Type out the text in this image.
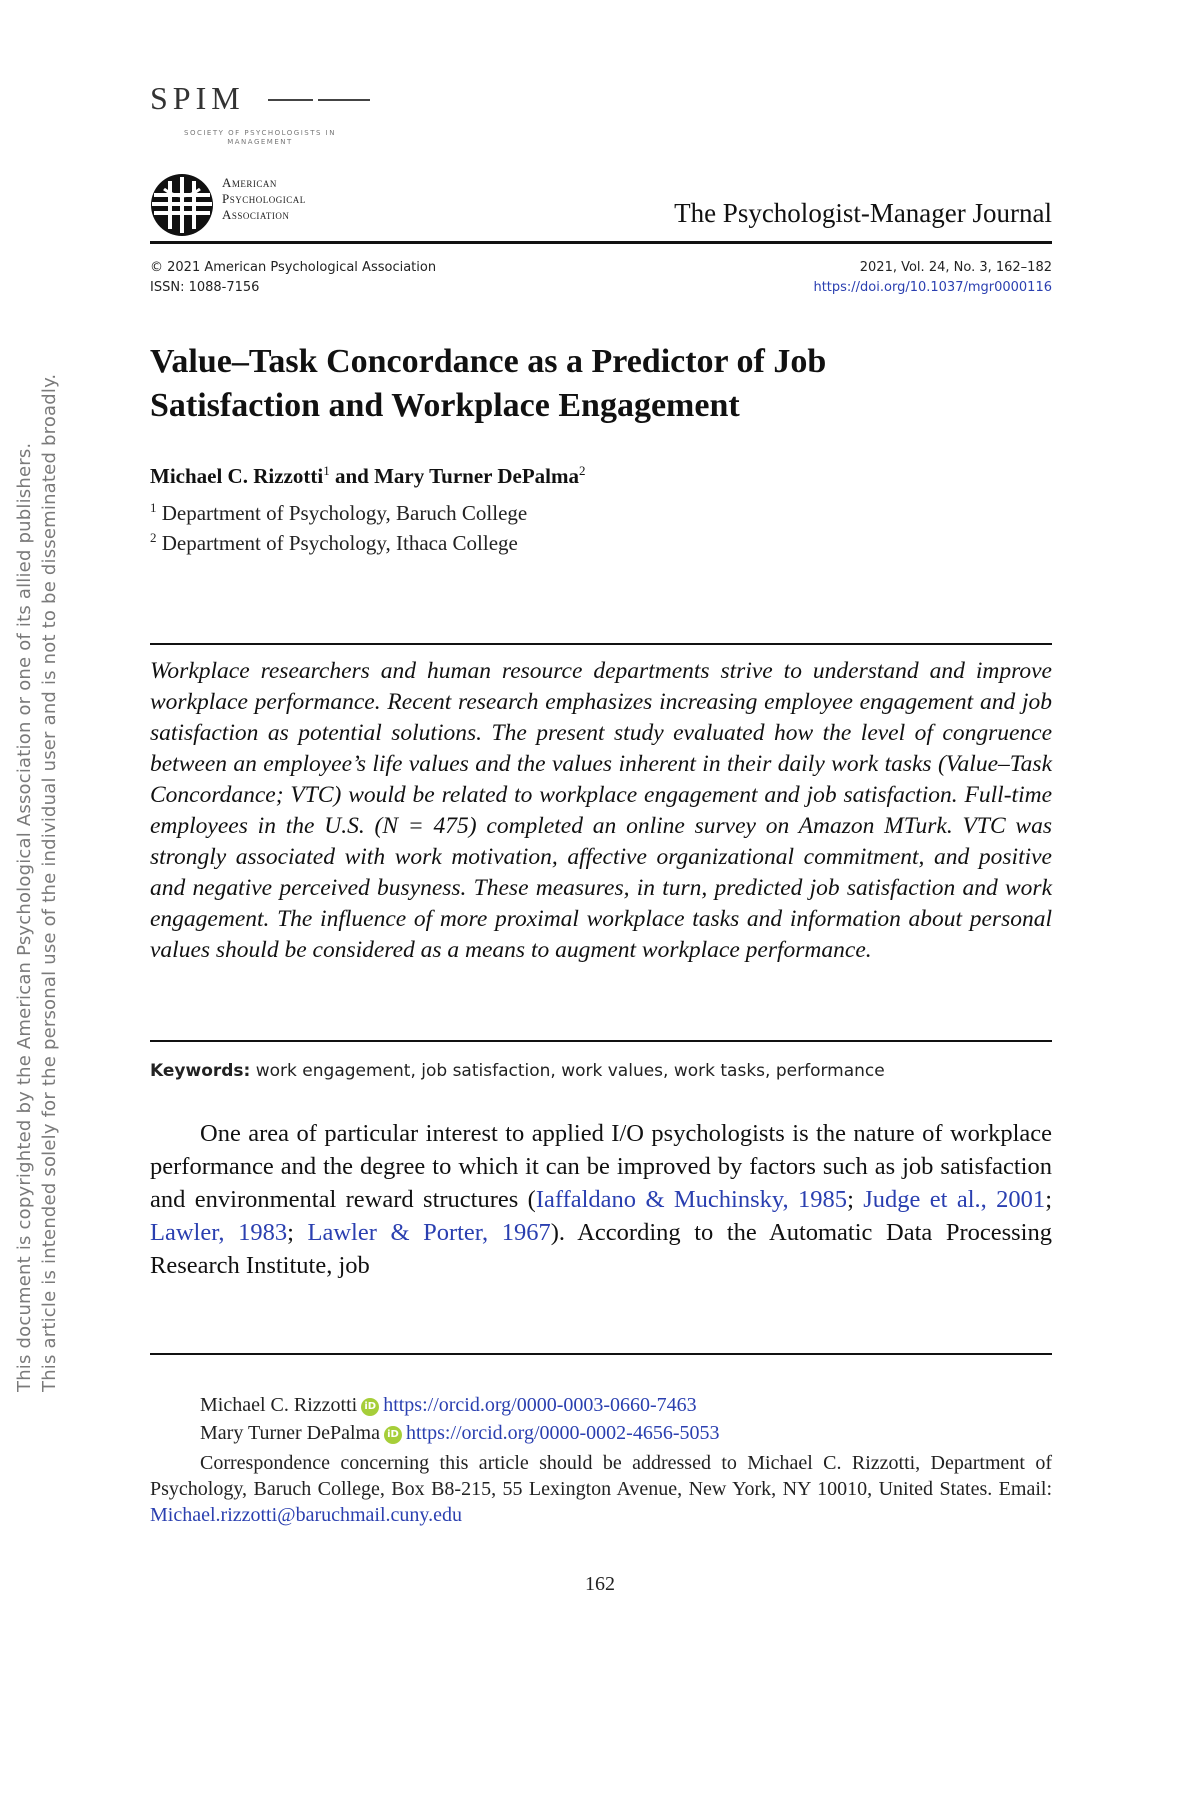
This document is copyrighted by the American Psychological Association or one of its allied publishers. This article is intended solely for the personal use of the individual user and is not to be disseminated broadly.
SPIM
SOCIETY OF PSYCHOLOGISTS IN MANAGEMENT
American
Psychological
Association	The Psychologist-Manager Journal
© 2021 American Psychological Association
ISSN: 1088-7156
2021, Vol. 24, No. 3, 162–182
https://doi.org/10.1037/mgr0000116
Value–Task Concordance as a Predictor of Job
Satisfaction and Workplace Engagement
Michael C. Rizzotti$^1$ and Mary Turner DePalma$^2$
$^1$ Department of Psychology, Baruch College
$^2$ Department of Psychology, Ithaca College
Workplace researchers and human resource departments strive to understand and improve workplace performance. Recent research emphasizes increasing employee engagement and job satisfaction as potential solutions. The present study evaluated how the level of congruence between an employee’s life values and the values inherent in their daily work tasks (Value–Task Concordance; VTC) would be related to workplace engagement and job satisfaction. Full-time employees in the U.S. (N = 475) completed an online survey on Amazon MTurk. VTC was strongly associated with work motivation, affective organizational commitment, and positive and negative perceived busyness. These measures, in turn, predicted job satisfaction and work engagement. The influence of more proximal workplace tasks and information about personal values should be considered as a means to augment workplace performance.
Keywords: work engagement, job satisfaction, work values, work tasks, performance
One area of particular interest to applied I/O psychologists is the nature of workplace performance and the degree to which it can be improved by factors such as job satisfaction and environmental reward structures (Iaffaldano & Muchinsky, 1985; Judge et al., 2001; Lawler, 1983; Lawler & Porter, 1967). According to the Automatic Data Processing Research Institute, job
Michael C. Rizzotti iD https://orcid.org/0000-0003-0660-7463
Mary Turner DePalma iD https://orcid.org/0000-0002-4656-5053
Correspondence concerning this article should be addressed to Michael C. Rizzotti, Department of Psychology, Baruch College, Box B8-215, 55 Lexington Avenue, New York, NY 10010, United States. Email: Michael.rizzotti@baruchmail.cuny.edu
162
